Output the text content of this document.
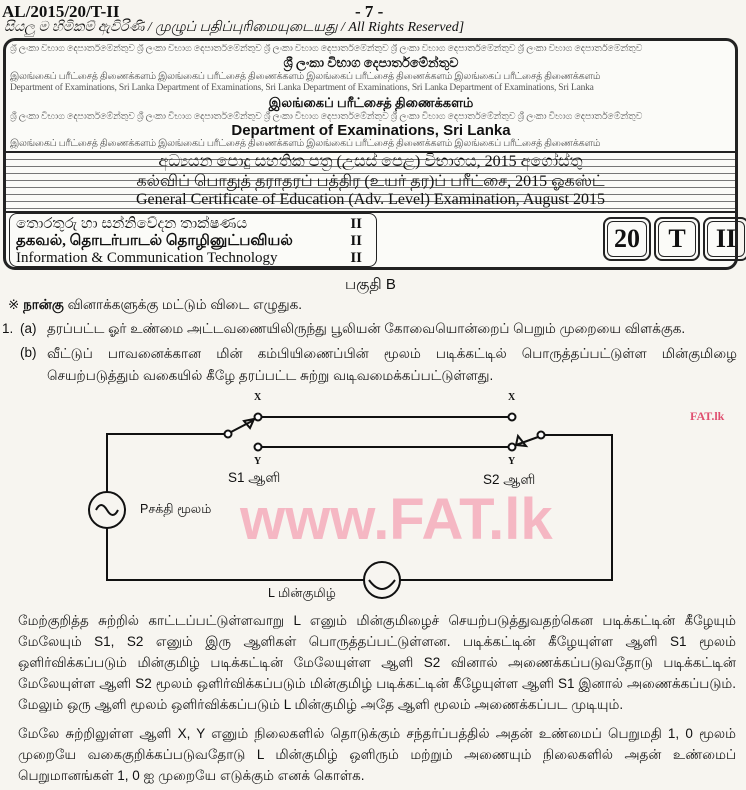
AL/2015/20/T-II	- 7 -
සියලු ම හිමිකම් ඇවිරිණි / முழுப் பதிப்புரிமையுடையது / All Rights Reserved]
ශ්‍රී ලංකා විභාග දෙපාර්තමේන්තුව ශ්‍රී ලංකා විභාග දෙපාර්තමේන්තුව ශ්‍රී ලංකා විභාග දෙපාර්තමේන්තුව ශ්‍රී ලංකා විභාග දෙපාර්තමේන්තුව ශ්‍රී ලංකා විභාග දෙපාර්තමේන්තුව
ශ්‍රී ලංකා විභාග දෙපාර්තමේන්තුව
இலங்கைப் பரீட்சைத் திணைக்களம் இலங்கைப் பரீட்சைத் திணைக்களம் இலங்கைப் பரீட்சைத் திணைக்களம் இலங்கைப் பரீட்சைத் திணைக்களம்
Department of Examinations, Sri Lanka Department of Examinations, Sri Lanka Department of Examinations, Sri Lanka Department of Examinations, Sri Lanka
இலங்கைப் பரீட்சைத் திணைக்களம்
ශ්‍රී ලංකා විභාග දෙපාර්තමේන්තුව ශ්‍රී ලංකා විභාග දෙපාර්තමේන්තුව ශ්‍රී ලංකා විභාග දෙපාර්තමේන්තුව ශ්‍රී ලංකා විභාග දෙපාර්තමේන්තුව ශ්‍රී ලංකා විභාග දෙපාර්තමේන්තුව
Department of Examinations, Sri Lanka
இலங்கைப் பரீட்சைத் திணைக்களம் இலங்கைப் பரீட்சைத் திணைக்களம் இலங்கைப் பரீட்சைத் திணைக்களம் இலங்கைப் பரீட்சைத் திணைக்களம்
අධ්‍යයන පොදු සහතික පත්‍ර (උසස් පෙළ) විභාගය, 2015 අගෝස්තු
கல்விப் பொதுத் தராதரப் பத்திர (உயர் தர)ப் பரீட்சை, 2015 ஓகஸ்ட்
General Certificate of Education (Adv. Level) Examination, August 2015
තොරතුරු හා සන්නිවේදන තාක්ෂණය	II
தகவல், தொடர்பாடல் தொழினுட்பவியல்	II
Information & Communication Technology	II
20	T	II
பகுதி B
※ நான்கு வினாக்களுக்கு மட்டும் விடை எழுதுக.
1. (a) தரப்பட்ட ஓர் உண்மை அட்டவணையிலிருந்து பூலியன் கோவையொன்றைப் பெறும் முறையை விளக்குக.
(b) வீட்டுப் பாவனைக்கான மின் கம்பியிணைப்பின் மூலம் படிக்கட்டில் பொருத்தப்பட்டுள்ள மின்குமிழை செயற்படுத்தும் வகையில் கீழே தரப்பட்ட சுற்று வடிவமைக்கப்பட்டுள்ளது.
www.FAT.lk
FAT.lk
X	X
Y	Y
S1 ஆளி	S2 ஆளி
Pசக்தி மூலம்
L மின்குமிழ்
மேற்குறித்த சுற்றில் காட்டப்பட்டுள்ளவாறு L எனும் மின்குமிழைச் செயற்படுத்துவதற்கென படிக்கட்டின் கீழேயும் மேலேயும் S1, S2 எனும் இரு ஆளிகள் பொருத்தப்பட்டுள்ளன. படிக்கட்டின் கீழேயுள்ள ஆளி S1 மூலம் ஒளிர்விக்கப்படும் மின்குமிழ் படிக்கட்டின் மேலேயுள்ள ஆளி S2 வினால் அணைக்கப்படுவதோடு படிக்கட்டின் மேலேயுள்ள ஆளி S2 மூலம் ஒளிர்விக்கப்படும் மின்குமிழ் படிக்கட்டின் கீழேயுள்ள ஆளி S1 இனால் அணைக்கப்படும். மேலும் ஒரு ஆளி மூலம் ஒளிர்விக்கப்படும் L மின்குமிழ் அதே ஆளி மூலம் அணைக்கப்பட முடியும்.
மேலே சுற்றிலுள்ள ஆளி X, Y எனும் நிலைகளில் தொடுக்கும் சந்தர்ப்பத்தில் அதன் உண்மைப் பெறுமதி 1, 0 மூலம் முறையே வகைகுறிக்கப்படுவதோடு L மின்குமிழ் ஒளிரும் மற்றும் அணையும் நிலைகளில் அதன் உண்மைப் பெறுமானங்கள் 1, 0 ஐ முறையே எடுக்கும் எனக் கொள்க.
